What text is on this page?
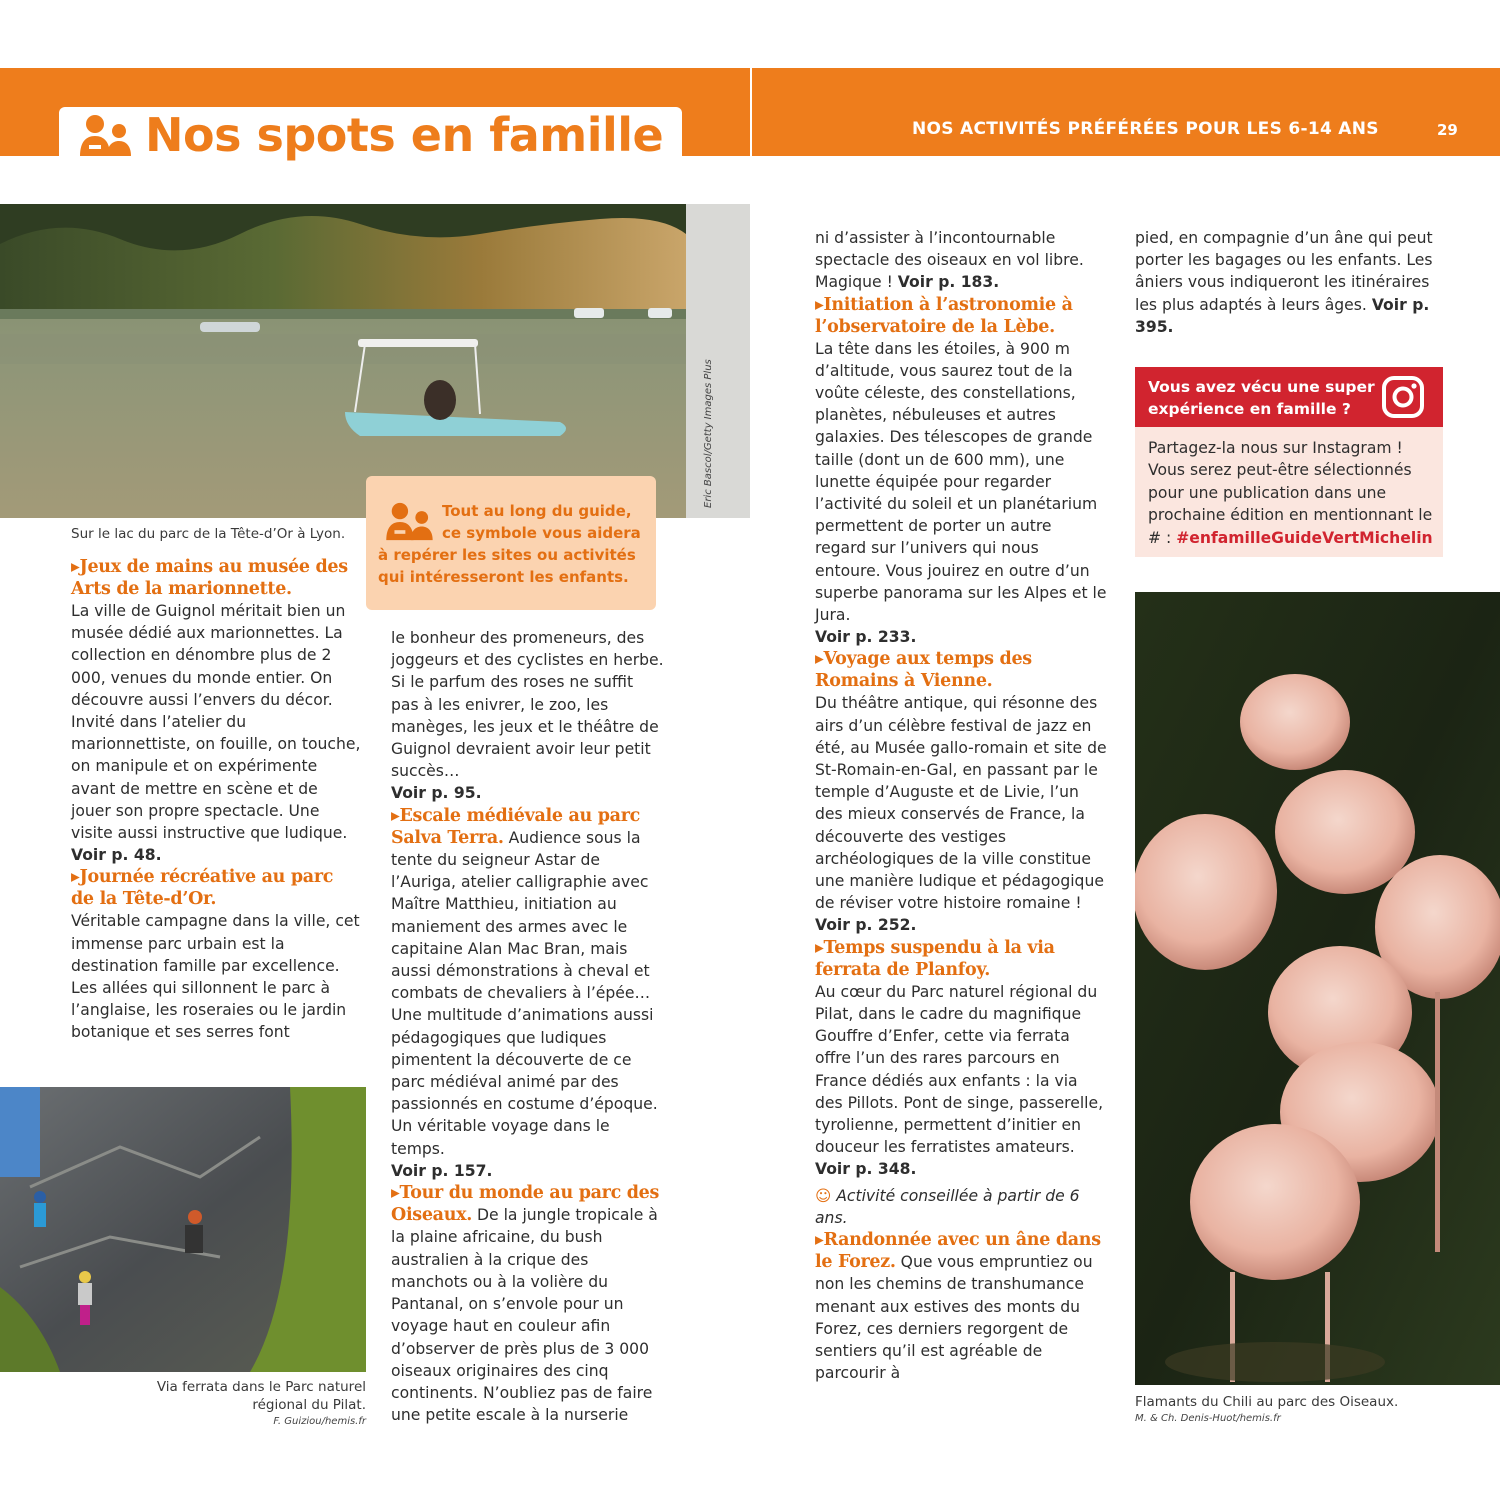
Nos spots en famille	NOS ACTIVITÉS PRÉFÉRÉES POUR LES 6-14 ANS	29
Eric Bascol/Getty Images Plus
Sur le lac du parc de la Tête-d’Or à Lyon.
Tout au long du guide,
ce symbole vous aidera
à repérer les sites ou activités
qui intéresseront les enfants.

▸ Jeux de mains au musée des Arts de la marionnette.

La ville de Guignol méritait bien un musée dédié aux marionnettes. La collection en dénombre plus de 2 000, venues du monde entier. On découvre aussi l’envers du décor. Invité dans l’atelier du marionnettiste, on fouille, on touche, on manipule et on expérimente avant de mettre en scène et de jouer son propre spectacle. Une visite aussi instructive que ludique.
Voir p. 48.

▸ Journée récréative au parc de la Tête-d’Or.

Véritable campagne dans la ville, cet immense parc urbain est la destination famille par excellence. Les allées qui sillonnent le parc à l’anglaise, les roseraies ou le jardin botanique et ses serres font

Via ferrata dans le Parc naturel
régional du Pilat.
F. Guiziou/hemis.fr

le bonheur des promeneurs, des joggeurs et des cyclistes en herbe. Si le parfum des roses ne suffit pas à les enivrer, le zoo, les manèges, les jeux et le théâtre de Guignol devraient avoir leur petit succès…
Voir p. 95.

▸ Escale médiévale au parc Salva Terra. Audience sous la tente du seigneur Astar de l’Auriga, atelier calligraphie avec Maître Matthieu, initiation au maniement des armes avec le capitaine Alan Mac Bran, mais aussi démonstrations à cheval et combats de chevaliers à l’épée… Une multitude d’animations aussi pédagogiques que ludiques pimentent la découverte de ce parc médiéval animé par des passionnés en costume d’époque. Un véritable voyage dans le temps.
Voir p. 157.

▸ Tour du monde au parc des Oiseaux. De la jungle tropicale à la plaine africaine, du bush australien à la crique des manchots ou à la volière du Pantanal, on s’envole pour un voyage haut en couleur afin d’observer de près plus de 3 000 oiseaux originaires des cinq continents. N’oubliez pas de faire une petite escale à la nurserie

ni d’assister à l’incontournable spectacle des oiseaux en vol libre. Magique ! Voir p. 183.

▸ Initiation à l’astronomie à l’observatoire de la Lèbe.

La tête dans les étoiles, à 900 m d’altitude, vous saurez tout de la voûte céleste, des constellations, planètes, nébuleuses et autres galaxies. Des télescopes de grande taille (dont un de 600 mm), une lunette équipée pour regarder l’activité du soleil et un planétarium permettent de porter un autre regard sur l’univers qui nous entoure. Vous jouirez en outre d’un superbe panorama sur les Alpes et le Jura.
Voir p. 233.

▸ Voyage aux temps des Romains à Vienne.

Du théâtre antique, qui résonne des airs d’un célèbre festival de jazz en été, au Musée gallo-romain et site de St-Romain-en-Gal, en passant par le temple d’Auguste et de Livie, l’un des mieux conservés de France, la découverte des vestiges archéologiques de la ville constitue une manière ludique et pédagogique de réviser votre histoire romaine !
Voir p. 252.

▸ Temps suspendu à la via ferrata de Planfoy.

Au cœur du Parc naturel régional du Pilat, dans le cadre du magnifique Gouffre d’Enfer, cette via ferrata offre l’un des rares parcours en France dédiés aux enfants : la via des Pillots. Pont de singe, passerelle, tyrolienne, permettent d’initier en douceur les ferratistes amateurs. Voir p. 348.

☺ Activité conseillée à partir de 6 ans.

▸ Randonnée avec un âne dans le Forez. Que vous empruntiez ou non les chemins de transhumance menant aux estives des monts du Forez, ces derniers regorgent de sentiers qu’il est agréable de parcourir à

pied, en compagnie d’un âne qui peut porter les bagages ou les enfants. Les âniers vous indiqueront les itinéraires les plus adaptés à leurs âges. Voir p. 395.

Vous avez vécu une super
expérience en famille ?
Partagez-la nous sur Instagram ! Vous serez peut-être sélectionnés pour une publication dans une prochaine édition en mentionnant le # : #enfamilleGuideVertMichelin
Flamants du Chili au parc des Oiseaux.
M. & Ch. Denis-Huot/hemis.fr
